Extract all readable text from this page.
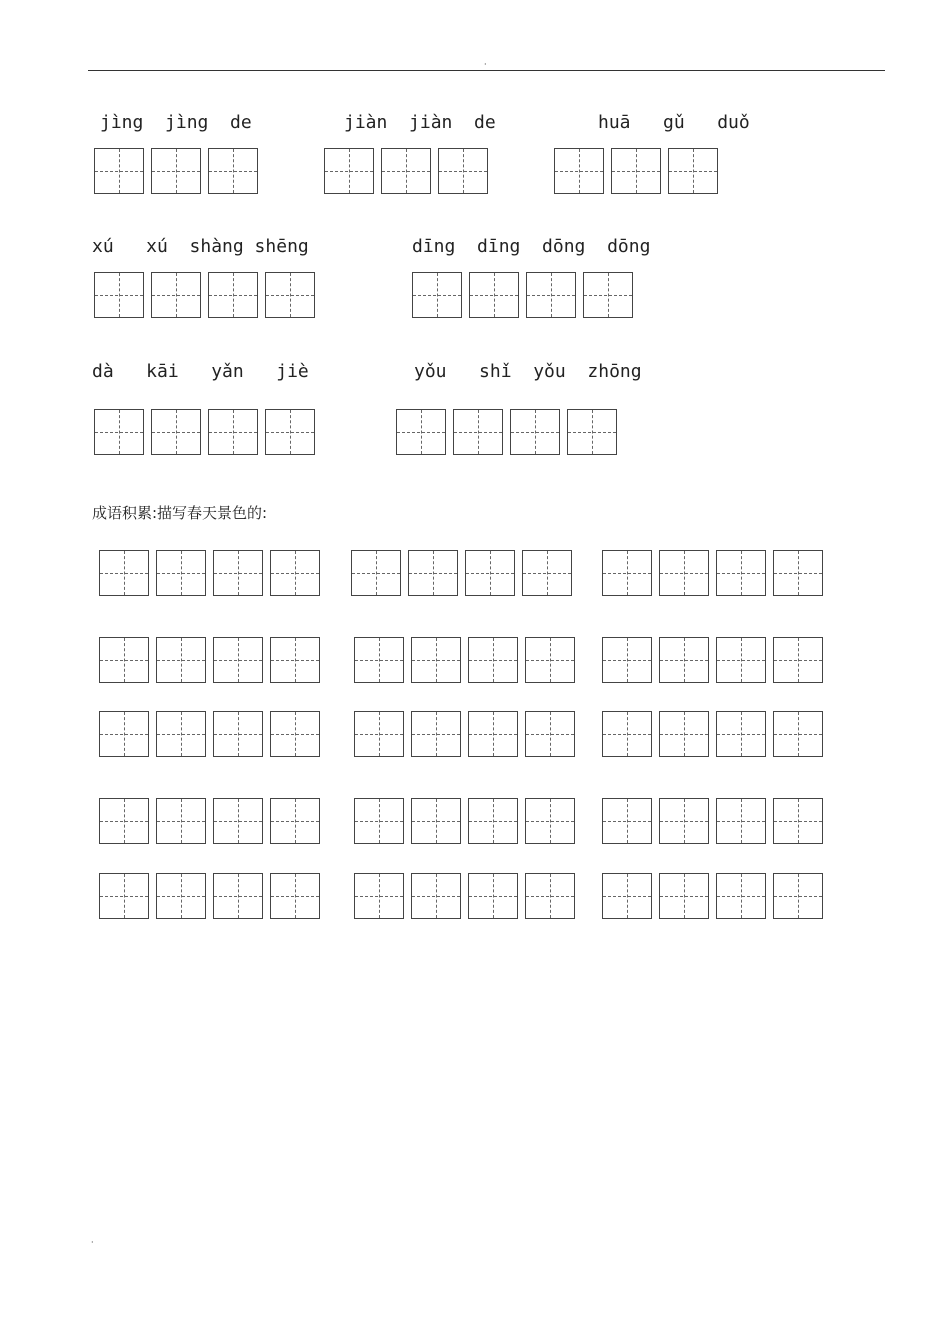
·
jìng  jìng  de	jiàn  jiàn  de	huā   gǔ   duǒ
xú   xú  shàng shēng	dīng  dīng  dōng  dōng
dà   kāi   yǎn   jiè	yǒu   shǐ  yǒu  zhōng
成语积累:描写春天景色的:
·
